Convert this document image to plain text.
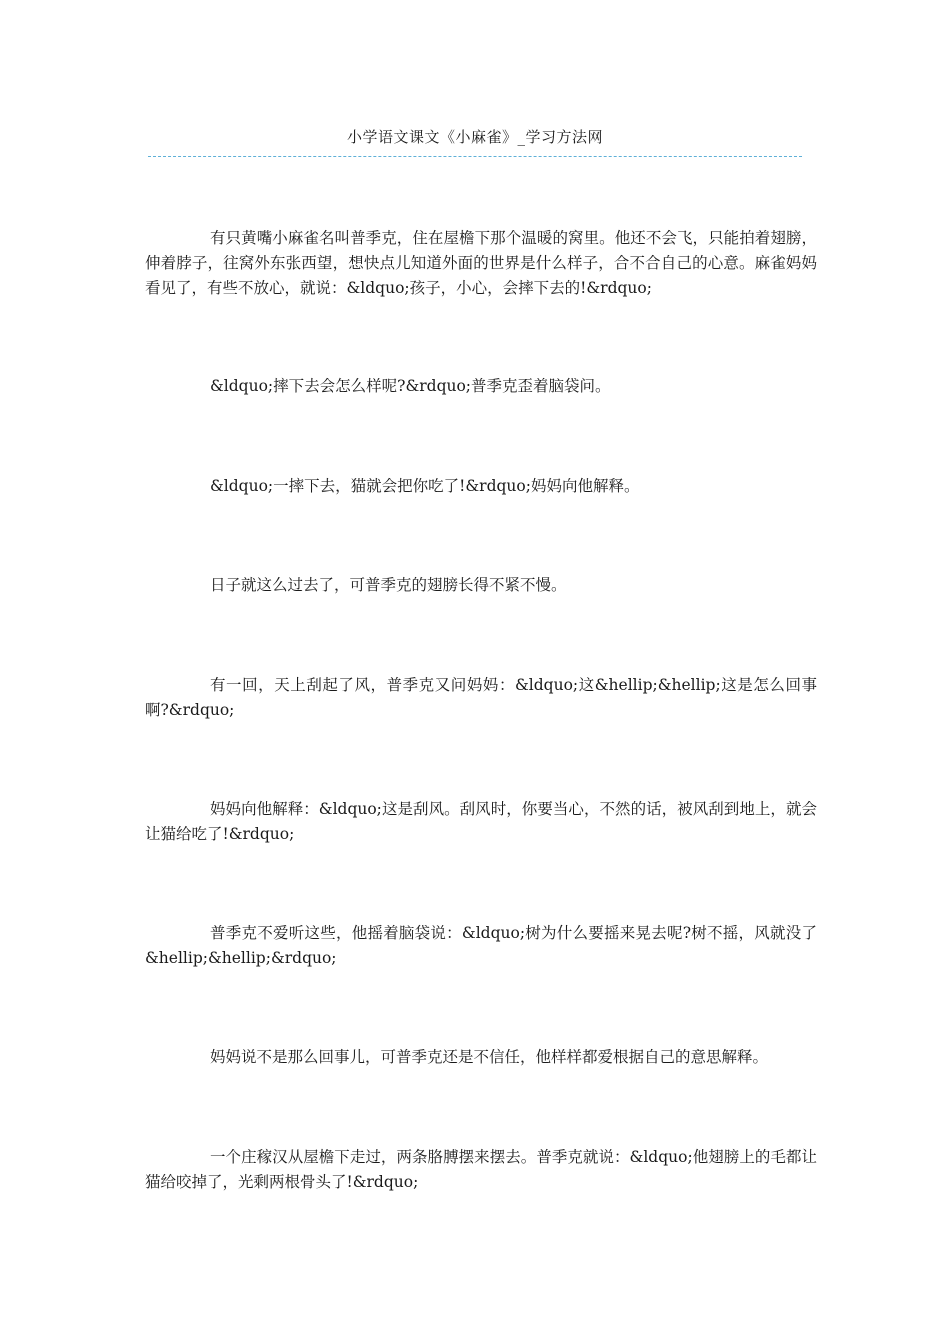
小学语文课文《小麻雀》_学习方法网

有只黄嘴小麻雀名叫普季克，住在屋檐下那个温暖的窝里。他还不会飞，只能拍着翅膀，伸着脖子，往窝外东张西望，想快点儿知道外面的世界是什么样子，合不合自己的心意。麻雀妈妈看见了，有些不放心，就说：&ldquo;孩子，小心，会摔下去的!&rdquo;

&ldquo;摔下去会怎么样呢?&rdquo;普季克歪着脑袋问。

&ldquo;一摔下去，猫就会把你吃了!&rdquo;妈妈向他解释。

日子就这么过去了，可普季克的翅膀长得不紧不慢。

有一回，天上刮起了风，普季克又问妈妈：&ldquo;这&hellip;&hellip;这是怎么回事啊?&rdquo;

妈妈向他解释：&ldquo;这是刮风。刮风时，你要当心，不然的话，被风刮到地上，就会让猫给吃了!&rdquo;

普季克不爱听这些，他摇着脑袋说：&ldquo;树为什么要摇来晃去呢?树不摇，风就没了&hellip;&hellip;&rdquo;

妈妈说不是那么回事儿，可普季克还是不信任，他样样都爱根据自己的意思解释。

一个庄稼汉从屋檐下走过，两条胳膊摆来摆去。普季克就说：&ldquo;他翅膀上的毛都让猫给咬掉了，光剩两根骨头了!&rdquo;
